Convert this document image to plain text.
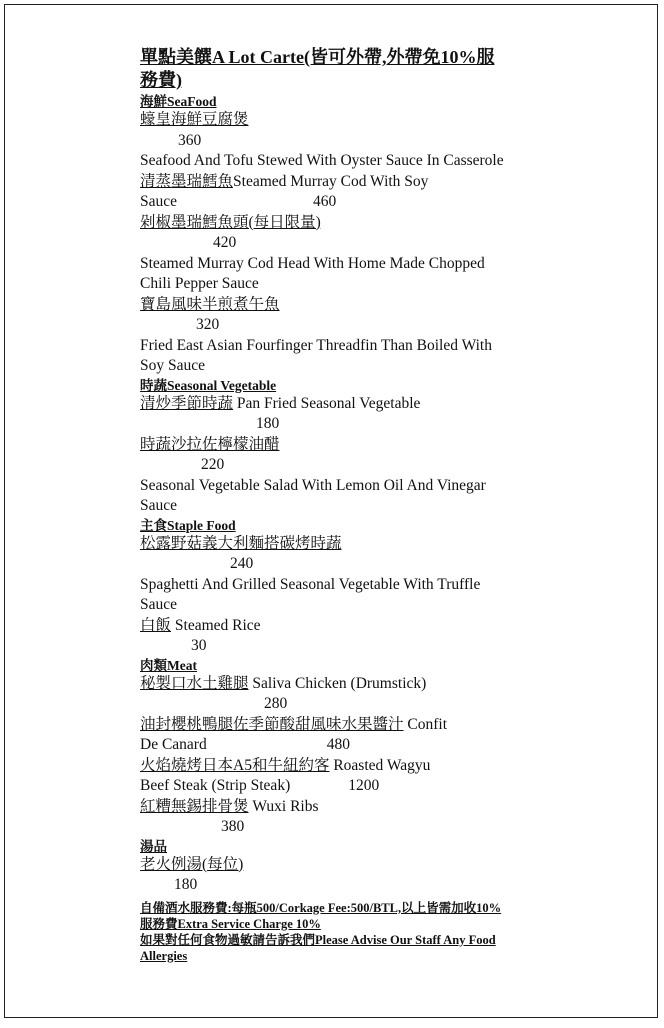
單點美饌A Lot Carte(皆可外帶,外帶免10%服務費)
海鮮SeaFood
蠔皇海鮮豆腐煲
360
Seafood And Tofu Stewed With Oyster Sauce In Casserole
清蒸墨瑞鱈魚Steamed Murray Cod With Soy
Sauce	460
剁椒墨瑞鱈魚頭(每日限量)
420
Steamed Murray Cod Head With Home Made Chopped Chili Pepper Sauce
寶島風味半煎煮午魚
320
Fried East Asian Fourfinger Threadfin Than Boiled With Soy Sauce
時蔬Seasonal Vegetable
清炒季節時蔬 Pan Fried Seasonal Vegetable
180
時蔬沙拉佐檸檬油醋
220
Seasonal Vegetable Salad With Lemon Oil And Vinegar Sauce
主食Staple Food
松露野菇義大利麵搭碳烤時蔬
240
Spaghetti And Grilled Seasonal Vegetable With Truffle Sauce
白飯 Steamed Rice
30
肉類Meat
秘製口水土雞腿 Saliva Chicken (Drumstick)
280
油封櫻桃鴨腿佐季節酸甜風味水果醬汁 Confit
De Canard	480
火焰燒烤日本A5和牛紐約客 Roasted Wagyu
Beef Steak (Strip Steak)	1200
紅糟無錫排骨煲 Wuxi Ribs
380
湯品
老火例湯(每位)
180
自備酒水服務費:每瓶500/Corkage Fee:500/BTL,以上皆需加收10%服務費Extra Service Charge 10%
如果對任何食物過敏請告訴我們Please Advise Our Staff Any Food Allergies
